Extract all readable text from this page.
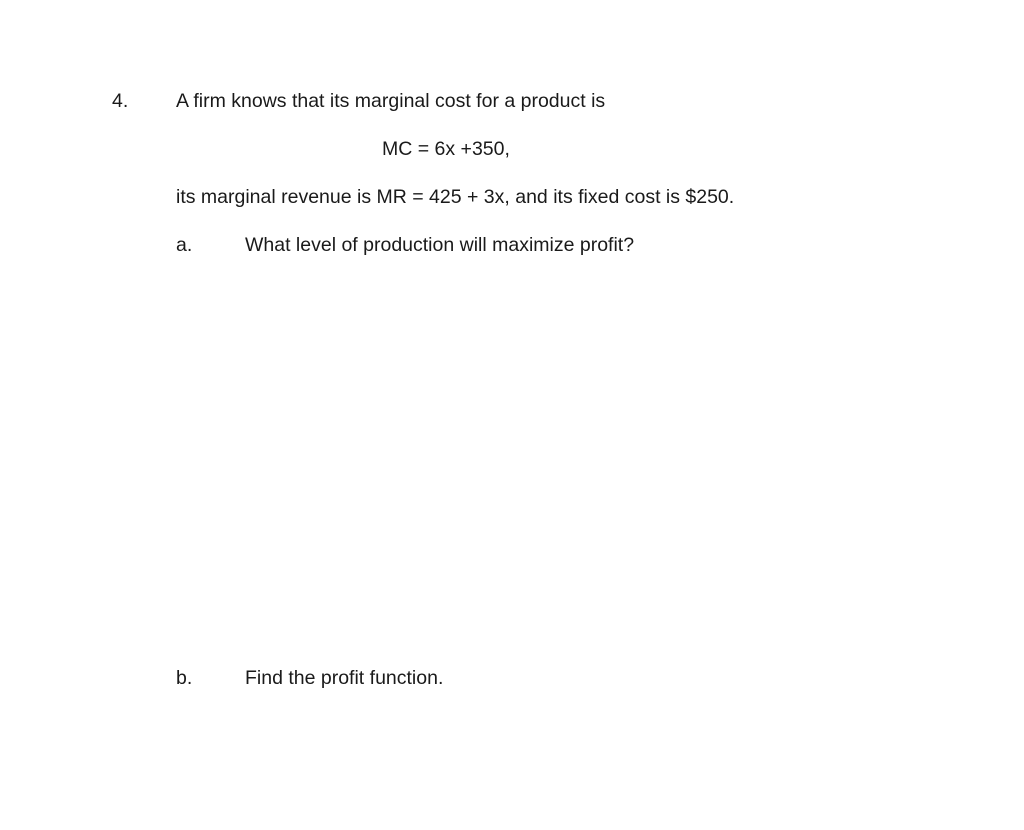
4. A firm knows that its marginal cost for a product is
MC = 6x +350,
its marginal revenue is MR = 425 + 3x, and its fixed cost is $250.
a.	What level of production will maximize profit?
b.	Find the profit function.
